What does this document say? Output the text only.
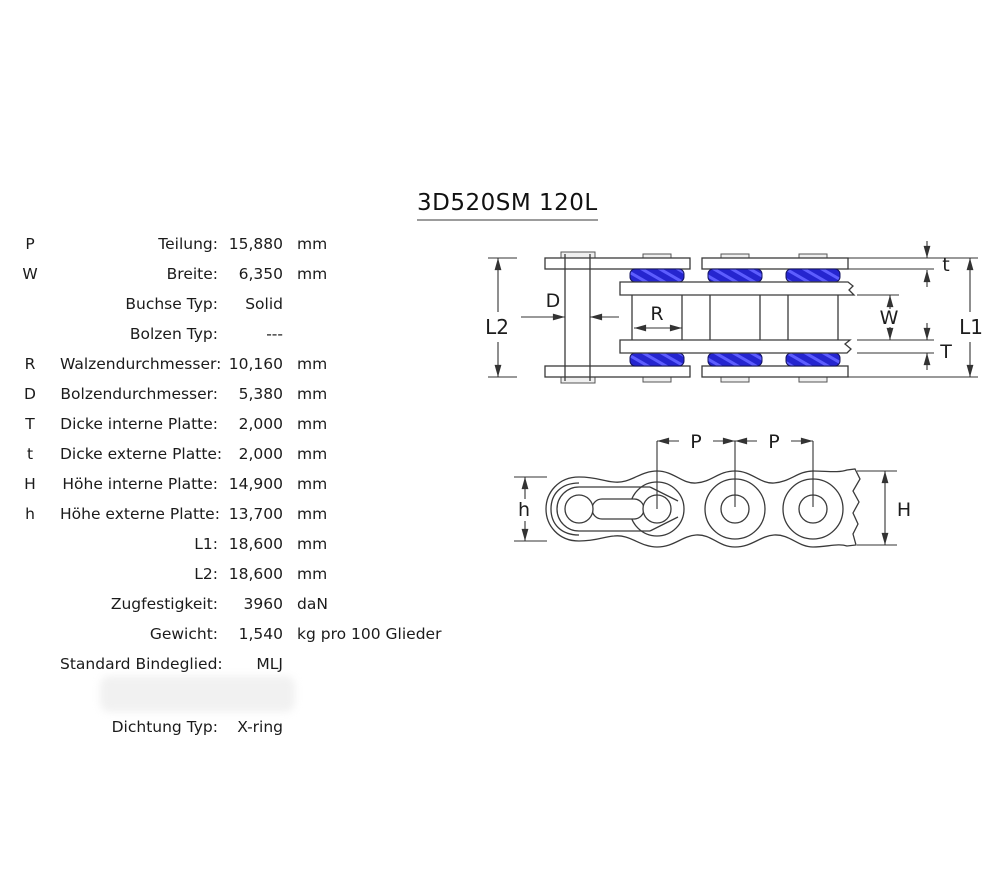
3D520SM 120L
P	Teilung: 15,880 mm
W	Breite:	6,350 mm
Buchse Typ:	Solid
Bolzen Typ:	---
R	Walzendurchmesser: 10,160 mm
D	Bolzendurchmesser:	5,380 mm
T	Dicke interne Platte:	2,000 mm
t	Dicke externe Platte:	2,000 mm
H	Höhe interne Platte: 14,900 mm
h	Höhe externe Platte: 13,700 mm
L1: 18,600 mm
L2: 18,600 mm
Zugfestigkeit:	3960 daN
Gewicht:	1,540 kg pro 100 Glieder
Standard Bindeglied:	MLJ
Dichtung Typ:	X-ring
L2
D
R	W
t
T
L1
P	P
h	H
